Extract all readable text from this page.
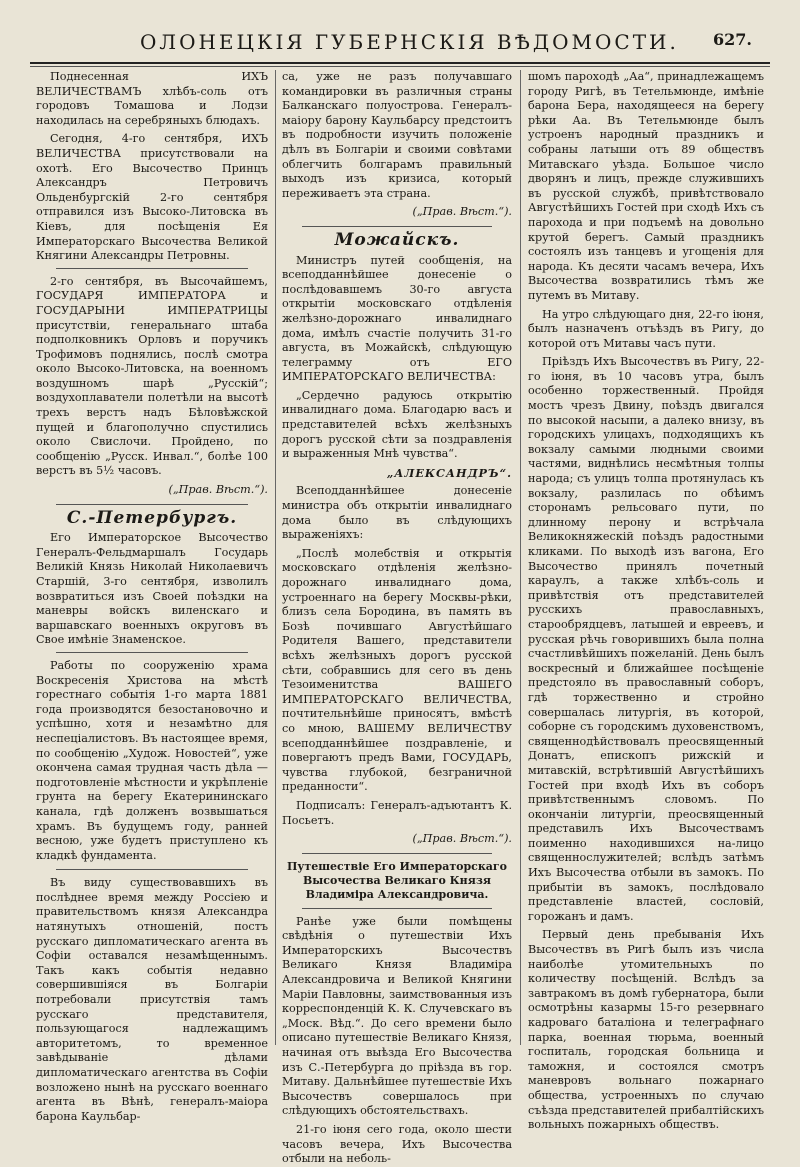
ОЛОНЕЦКІЯ ГУБЕРНСКІЯ ВѢДОМОСТИ. 627.

Поднесенная ИХЪ ВЕЛИЧЕСТВАМЪ хлѣбъ-соль отъ городовъ Томашова и Лодзи находилась на серебряныхъ блюдахъ.

Сегодня, 4-го сентября, ИХЪ ВЕЛИЧЕСТВА присутствовали на охотѣ. Его Высочество Принцъ Александръ Петровичъ Ольденбургскій 2-го сентября отправился изъ Высоко-Литовска въ Кіевъ, для посѣщенія Ея Императорскаго Высочества Великой Княгини Александры Петровны.

2-го сентября, въ Высочайшемъ, ГОСУДАРЯ ИМПЕРАТОРА и ГОСУДАРЫНИ ИМПЕРАТРИЦЫ присутствіи, генеральнаго штаба подполковникъ Орловъ и поручикъ Трофимовъ поднялись, послѣ смотра около Высоко-Литовска, на военномъ воздушномъ шарѣ „Русскій“; воздухоплаватели полетѣли на высотѣ трехъ верстъ надъ Бѣловѣжской пущей и благополучно спустились около Свислочи. Пройдено, по сообщенію „Русск. Инвал.“, болѣе 100 верстъ въ 5½ часовъ.

(„Прав. Вѣст.“).
С.-Петербургъ.

Его Императорское Высочество Генералъ-Фельдмаршалъ Государь Великій Князь Николай Николаевичъ Старшій, 3-го сентября, изволилъ возвратиться изъ Своей поѣздки на маневры войскъ виленскаго и варшавскаго военныхъ округовъ въ Свое имѣніе Знаменское.

Работы по сооруженію храма Воскресенія Христова на мѣстѣ горестнаго событія 1-го марта 1881 года производятся безостановочно и успѣшно, хотя и незамѣтно для неспеціалистовъ. Въ настоящее время, по сообщенію „Худож. Новостей“, уже окончена самая трудная часть дѣла — подготовленіе мѣстности и укрѣпленіе грунта на берегу Екатерининскаго канала, гдѣ долженъ возвышаться храмъ. Въ будущемъ году, ранней весною, уже будетъ приступлено къ кладкѣ фундамента.

Въ виду существовавшихъ въ послѣднее время между Россіею и правительствомъ князя Александра натянутыхъ отношеній, постъ русскаго дипломатическаго агента въ Софіи оставался незамѣщеннымъ. Такъ какъ событія недавно совершившіяся въ Болгаріи потребовали присутствія тамъ русскаго представителя, пользующагося надлежащимъ авторитетомъ, то временное завѣдываніе дѣлами дипломатическаго агентства въ Софіи возложено нынѣ на русскаго военнаго агента въ Вѣнѣ, генералъ-маіора барона Каульбар-

са, уже не разъ получавшаго командировки въ различныя страны Балканскаго полуострова. Генералъ-маіору барону Каульбарсу предстоитъ въ подробности изучить положеніе дѣлъ въ Болгаріи и своими совѣтами облегчить болгарамъ правильный выходъ изъ кризиса, который переживаетъ эта страна.

(„Прав. Вѣст.“).
Можайскъ.

Министръ путей сообщенія, на всеподданнѣйшее донесеніе о послѣдовавшемъ 30-го августа открытіи московскаго отдѣленія желѣзно-дорожнаго инвалиднаго дома, имѣлъ счастіе получить 31-го августа, въ Можайскѣ, слѣдующую телеграмму отъ ЕГО ИМПЕРАТОРСКАГО ВЕЛИЧЕСТВА:

„Сердечно радуюсь открытію инвалиднаго дома. Благодарю васъ и представителей всѣхъ желѣзныхъ дорогъ русской сѣти за поздравленія и выраженныя Мнѣ чувства“.

„АЛЕКСАНДРЪ“.

Всеподданнѣйшее донесеніе министра объ открытіи инвалиднаго дома было въ слѣдующихъ выраженіяхъ:

„Послѣ молебствія и открытія московскаго отдѣленія желѣзно-дорожнаго инвалиднаго дома, устроеннаго на берегу Москвы-рѣки, близъ села Бородина, въ память въ Бозѣ почившаго Августѣйшаго Родителя Вашего, представители всѣхъ желѣзныхъ дорогъ русской сѣти, собравшись для сего въ день Тезоименитства ВАШЕГО ИМПЕРАТОРСКАГО ВЕЛИЧЕСТВА, почтительнѣйше приносятъ, вмѣстѣ со мною, ВАШЕМУ ВЕЛИЧЕСТВУ всеподданнѣйшее поздравленіе, и повергаютъ предъ Вами, ГОСУДАРЬ, чувства глубокой, безграничной преданности“.

Подписалъ: Генералъ-адъютантъ К. Посьетъ.

(„Прав. Вѣст.“).
Путешествіе Его Императорскаго Высочества Великаго Князя Владиміра Александровича.

Ранѣе уже были помѣщены свѣдѣнія о путешествіи Ихъ Императорскихъ Высочествъ Великаго Князя Владиміра Александровича и Великой Княгини Маріи Павловны, заимствованныя изъ корреспонденцій К. К. Случевскаго въ „Моск. Вѣд.“. До сего времени было описано путешествіе Великаго Князя, начиная отъ выѣзда Его Высочества изъ С.-Петербурга до пріѣзда въ гор. Митаву. Дальнѣйшее путешествіе Ихъ Высочествъ совершалось при слѣдующихъ обстоятельствахъ.

21-го іюня сего года, около шести часовъ вечера, Ихъ Высочества отбыли на неболь-

шомъ пароходѣ „Аа“, принадлежащемъ городу Ригѣ, въ Тетельмюнде, имѣніе барона Бера, находящееся на берегу рѣки Аа. Въ Тетельмюнде былъ устроенъ народный праздникъ и собраны латыши отъ 89 обществъ Митавскаго уѣзда. Большое число дворянъ и лицъ, прежде служившихъ въ русской службѣ, привѣтствовало Августѣйшихъ Гостей при сходѣ Ихъ съ парохода и при подъемѣ на довольно крутой берегъ. Самый праздникъ состоялъ изъ танцевъ и угощенія для народа. Къ десяти часамъ вечера, Ихъ Высочества возвратились тѣмъ же путемъ въ Митаву.

На утро слѣдующаго дня, 22-го іюня, былъ назначенъ отъѣздъ въ Ригу, до которой отъ Митавы часъ пути.

Пріѣздъ Ихъ Высочествъ въ Ригу, 22-го іюня, въ 10 часовъ утра, былъ особенно торжественный. Пройдя мостъ чрезъ Двину, поѣздъ двигался по высокой насыпи, а далеко внизу, въ городскихъ улицахъ, подходящихъ къ вокзалу самыми людными своими частями, виднѣлись несмѣтныя толпы народа; съ улицъ толпа протянулась къ вокзалу, разлилась по обѣимъ сторонамъ рельсоваго пути, по длинному перону и встрѣчала Великокняжескій поѣздъ радостными кликами. По выходѣ изъ вагона, Его Высочество принялъ почетный караулъ, а также хлѣбъ-соль и привѣтствія отъ представителей русскихъ православныхъ, старообрядцевъ, латышей и евреевъ, и русская рѣчь говорившихъ была полна счастливѣйшихъ пожеланій. День былъ воскресный и ближайшее посѣщеніе предстояло въ православный соборъ, гдѣ торжественно и стройно совершалась литургія, въ которой, соборне съ городскимъ духовенствомъ, священнодѣйствовалъ преосвященный Донатъ, епископъ рижскій и митавскій, встрѣтившій Августѣйшихъ Гостей при входѣ Ихъ въ соборъ привѣтственнымъ словомъ. По окончаніи литургіи, преосвященный представилъ Ихъ Высочествамъ поименно находившихся на-лицо священнослужителей; вслѣдъ затѣмъ Ихъ Высочества отбыли въ замокъ. По прибытіи въ замокъ, послѣдовало представленіе властей, сословій, горожанъ и дамъ.

Первый день пребыванія Ихъ Высочествъ въ Ригѣ былъ изъ числа наиболѣе утомительныхъ по количеству посѣщеній. Вслѣдъ за завтракомъ въ домѣ губернатора, были осмотрѣны казармы 15-го резервнаго кадроваго баталіона и телеграфнаго парка, военная тюрьма, военный госпиталь, городская больница и таможня, и состоялся смотръ маневровъ вольнаго пожарнаго общества, устроенныхъ по случаю съѣзда представителей прибалтійскихъ вольныхъ пожарныхъ обществъ.
